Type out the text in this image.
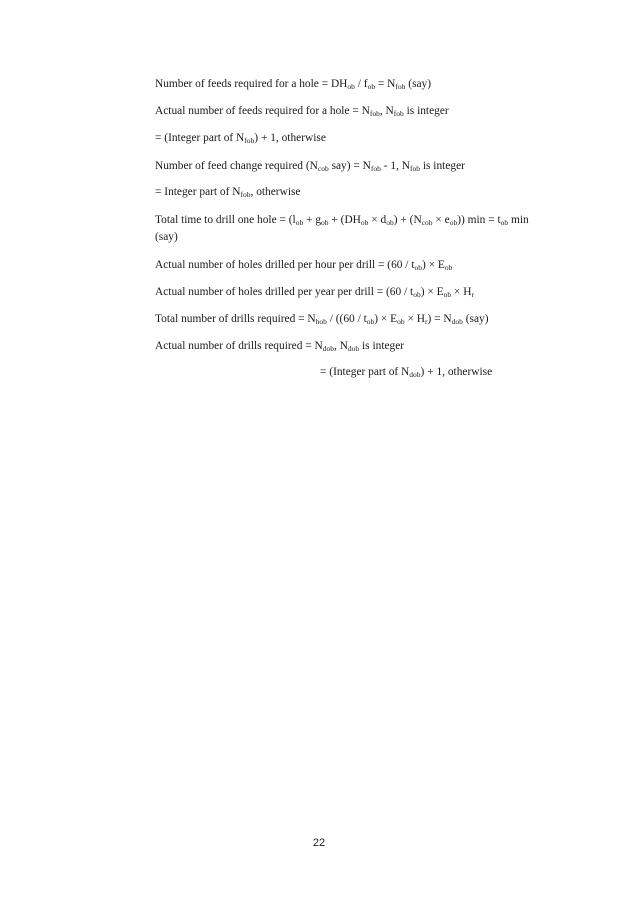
Number of feeds required for a hole = $DH_{ob} / f_{ob} = N_{fob}$ (say)
Actual number of feeds required for a hole = $N_{fob}$, $N_{fob}$ is integer
= (Integer part of $N_{fob}) + 1$, otherwise
Number of feed change required ($N_{cob}$ $say) = N_{fob} - 1$, $N_{fob}$ is integer
= Integer part of $N_{fob}$, otherwise
Total time to drill one hole = $(l_{ob} + g_{ob} + (DH_{ob} \times d_{ob}) + (N_{cob} \times e_{ob})) \min = t_{ob}$ min (say)
Actual number of holes drilled per hour per drill = $(60 / t_{ob}) \times E_{ob}$
Actual number of holes drilled per year per drill = $(60 / t_{ob}) \times E_{ob} \times H_r$
Total number of drills required = $N_{hob} / ((60 / t_{ob}) \times E_{ob} \times H_r) = N_{dob}$ (say)
Actual number of drills required = $N_{dob}$, $N_{dob}$ is integer
= (Integer part of $N_{dob}) + 1$, otherwise
22
